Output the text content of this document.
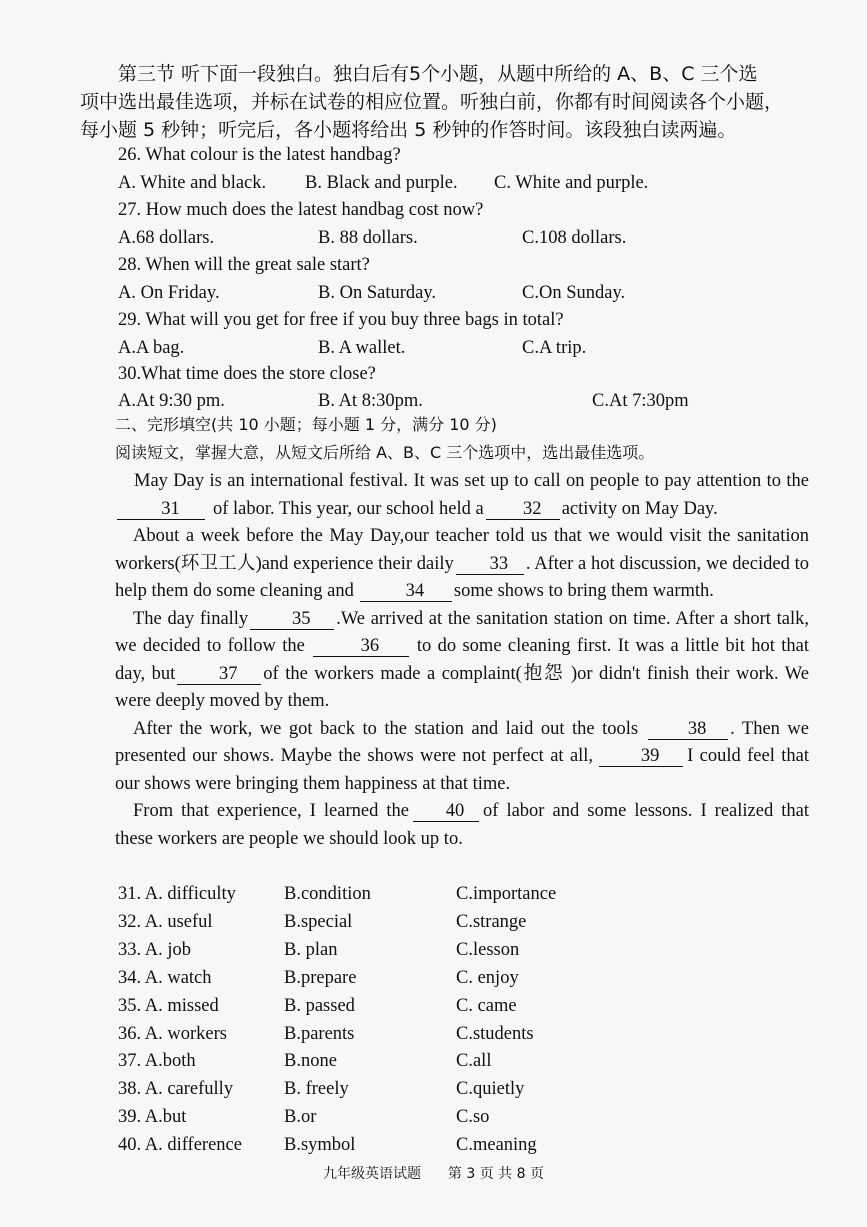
第三节 听下面一段独白。独白后有5个小题，从题中所给的 A、B、C 三个选
项中选出最佳选项，并标在试卷的相应位置。听独白前，你都有时间阅读各个小题，
每小题 5 秒钟；听完后，各小题将给出 5 秒钟的作答时间。该段独白读两遍。
26. What colour is the latest handbag?
A. White and black. B. Black and purple. C. White and purple.
27. How much does the latest handbag cost now?
A.68 dollars.	B. 88 dollars.	C.108 dollars.
28. When will the great sale start?
A. On Friday.	B. On Saturday.	C.On Sunday.
29. What will you get for free if you buy three bags in total?
A.A bag.	B. A wallet.	C.A trip.
30.What time does the store close?
A.At 9:30 pm.	B. At 8:30pm.	C.At 7:30pm
二、完形填空(共 10 小题；每小题 1 分，满分 10 分)
阅读短文，掌握大意，从短文后所给 A、B、C 三个选项中，选出最佳选项。

May Day is an international festival. It was set up to call on people to pay attention to the31 of labor. This year, our school held a 32 activity on May Day.

About a week before the May Day,our teacher told us that we would visit the sanitation workers(环卫工人)and experience their daily 33 . After a hot discussion, we decided to help them do some cleaning and	34 some shows to bring them warmth.

The day finally 35 .We arrived at the sanitation station on time. After a short talk, we decided to follow the	36 to do some cleaning first. It was a little bit hot that day, but 37 of the workers made a complaint(抱怨 )or didn't finish their work. We were deeply moved by them.

After the work, we got back to the station and laid out the tools	38 . Then we presented our shows. Maybe the shows were not perfect at all,	39 I could feel that our shows were bringing them happiness at that time.

From that experience, I learned the 40 of labor and some lessons. I realized that these workers are people we should look up to.

31. A. difficulty	B.condition	C.importance
32. A. useful	B.special	C.strange
33. A. job	B. plan	C.lesson
34. A. watch	B.prepare	C. enjoy
35. A. missed	B. passed	C. came
36. A. workers	B.parents	C.students
37. A.both	B.none	C.all
38. A. carefully	B. freely	C.quietly
39. A.but	B.or	C.so
40. A. difference B.symbol	C.meaning
九年级英语试题 第 3 页 共 8 页
